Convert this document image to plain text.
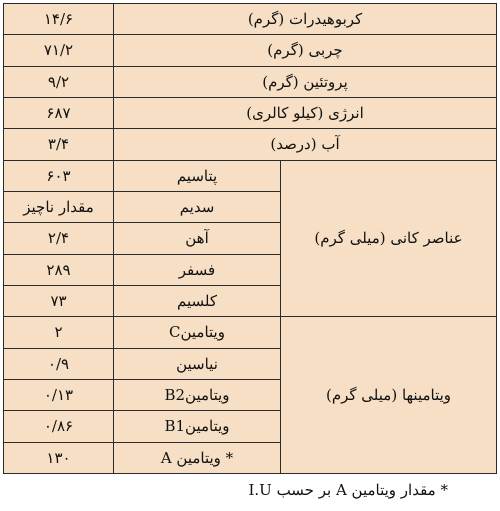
۱۴/۶	کربوهیدرات (گرم)	
۷۱/۲	چربی (گرم)	
۹/۲	پروتئین (گرم)	
۶۸۷	انرژی (کیلو کالری)	
۳/۴	آب (درصد)	
۶۰۳	پتاسیم	عناصر کانی (میلی گرم)
مقدار ناچیز	سدیم	
۲/۴	آهن	
۲۸۹	فسفر	
۷۳	کلسیم	
۲	ویتامینC	ویتامینها (میلی گرم)
۰/۹	نیاسین	
۰/۱۳	ویتامینB2	
۰/۸۶	ویتامینB1	
۱۳۰	* ویتامین A	
* مقدار ویتامین A بر حسب I.U
